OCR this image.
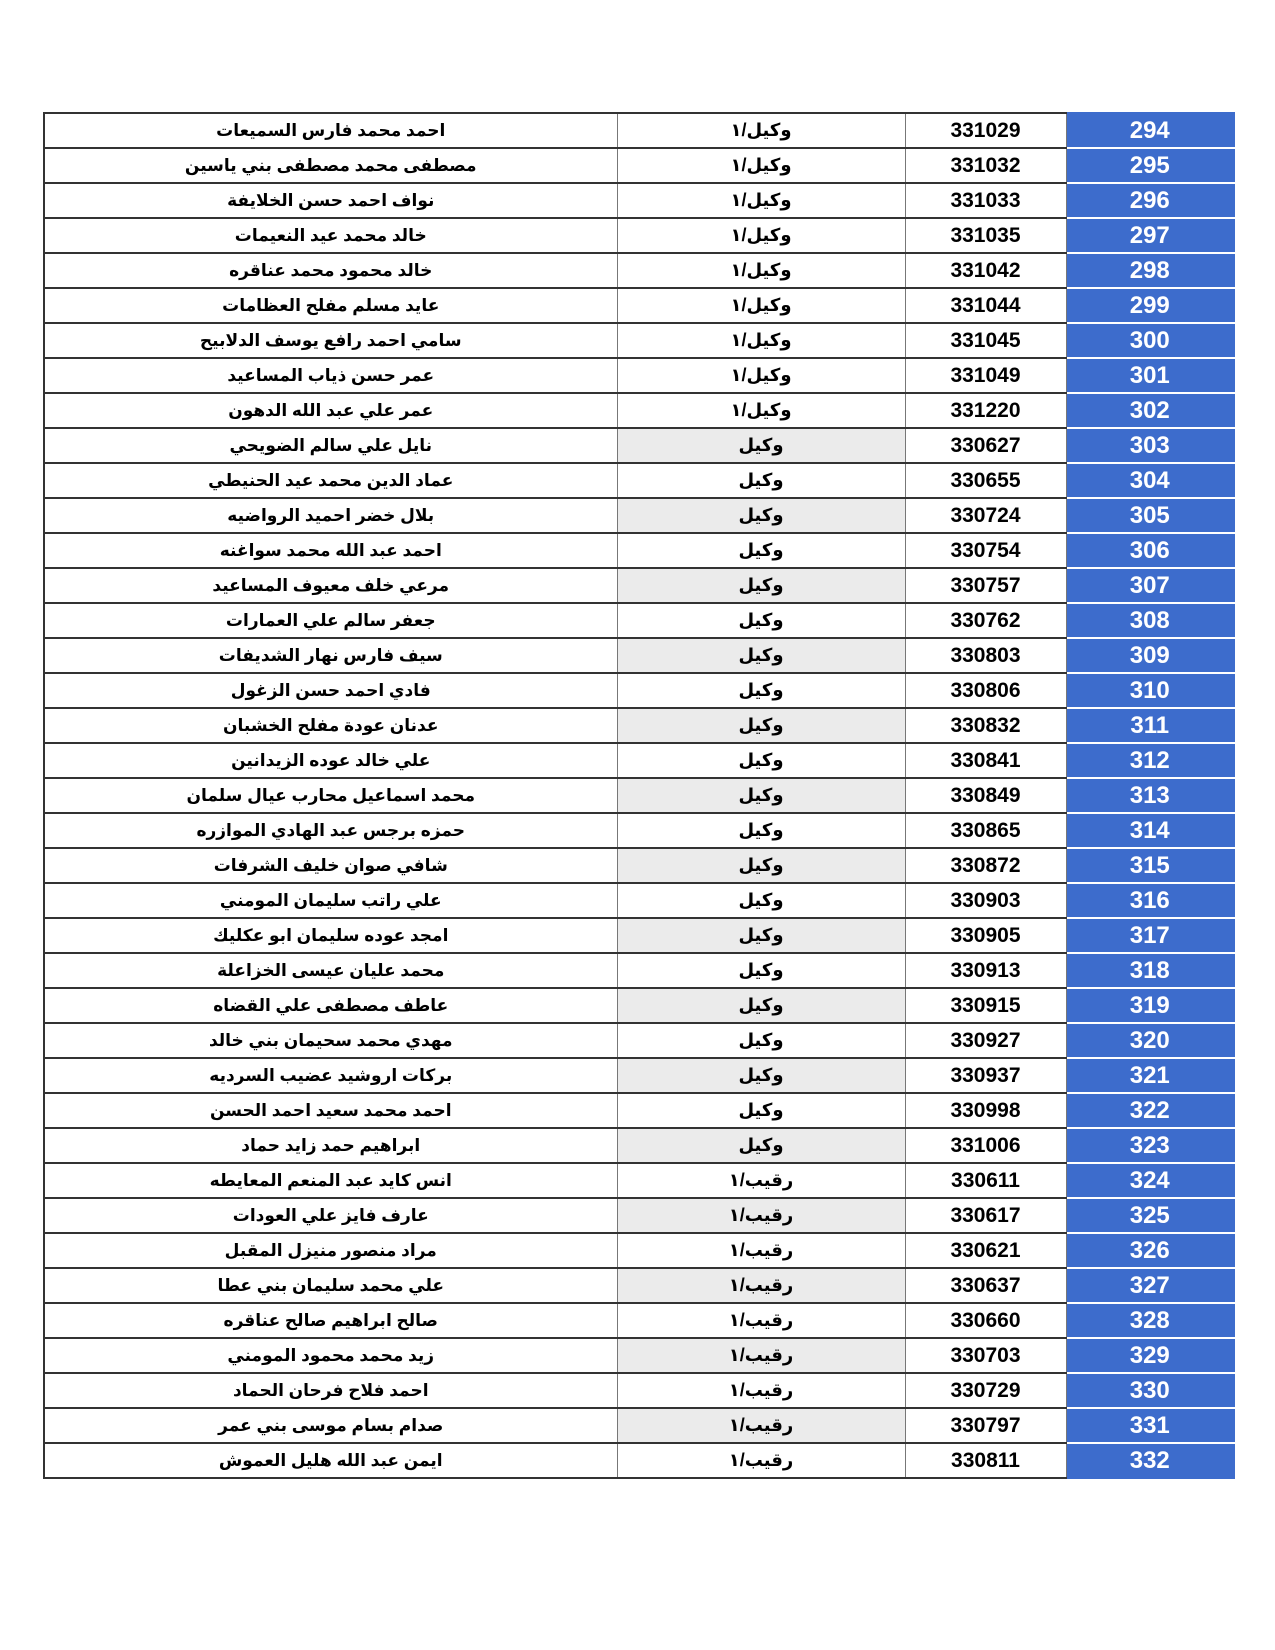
احمد محمد فارس السميعات	وكيل/١	331029	294
مصطفى محمد مصطفى بني ياسين	وكيل/١	331032	295
نواف احمد حسن الخلايفة	وكيل/١	331033	296
خالد محمد عيد النعيمات	وكيل/١	331035	297
خالد محمود محمد عناقره	وكيل/١	331042	298
عايد مسلم مفلح العظامات	وكيل/١	331044	299
سامي احمد رافع يوسف الدلابيح	وكيل/١	331045	300
عمر حسن ذياب المساعيد	وكيل/١	331049	301
عمر علي عبد الله الدهون	وكيل/١	331220	302
نايل علي سالم الضويحي	وكيل	330627	303
عماد الدين محمد عيد الحنيطي	وكيل	330655	304
بلال خضر احميد الرواضيه	وكيل	330724	305
احمد عبد الله محمد سواغنه	وكيل	330754	306
مرعي خلف معيوف المساعيد	وكيل	330757	307
جعفر سالم علي العمارات	وكيل	330762	308
سيف فارس نهار الشديفات	وكيل	330803	309
فادي احمد حسن الزغول	وكيل	330806	310
عدنان عودة مفلح الخشبان	وكيل	330832	311
علي خالد عوده الزيدانين	وكيل	330841	312
محمد اسماعيل محارب عيال سلمان	وكيل	330849	313
حمزه برجس عبد الهادي الموازره	وكيل	330865	314
شافي صوان خليف الشرفات	وكيل	330872	315
علي راتب سليمان المومني	وكيل	330903	316
امجد عوده سليمان ابو عكليك	وكيل	330905	317
محمد عليان عيسى الخزاعلة	وكيل	330913	318
عاطف مصطفى علي القضاه	وكيل	330915	319
مهدي محمد سحيمان بني خالد	وكيل	330927	320
بركات اروشيد عضيب السرديه	وكيل	330937	321
احمد محمد سعيد احمد الحسن	وكيل	330998	322
ابراهيم حمد زايد حماد	وكيل	331006	323
انس كايد عبد المنعم المعايطه	رقيب/١	330611	324
عارف فايز علي العودات	رقيب/١	330617	325
مراد منصور منيزل المقبل	رقيب/١	330621	326
علي محمد سليمان بني عطا	رقيب/١	330637	327
صالح ابراهيم صالح عناقره	رقيب/١	330660	328
زيد محمد محمود المومني	رقيب/١	330703	329
احمد فلاح فرحان الحماد	رقيب/١	330729	330
صدام بسام موسى بني عمر	رقيب/١	330797	331
ايمن عبد الله هليل العموش	رقيب/١	330811	332
